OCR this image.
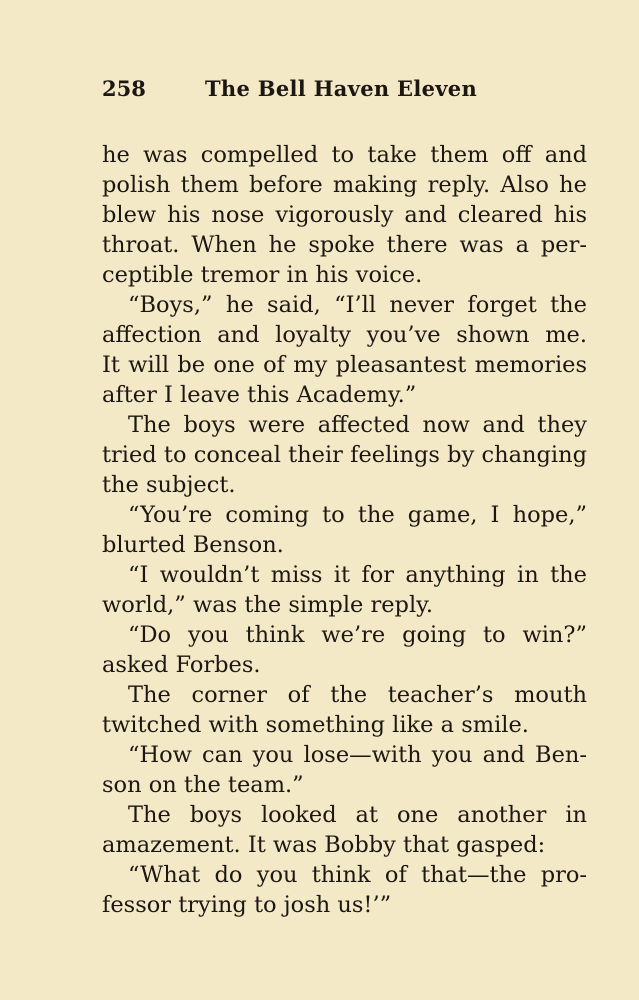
258	The Bell Haven Eleven
he was compelled to take them off and
polish them before making reply. Also he
blew his nose vigorously and cleared his
throat. When he spoke there was a per-
ceptible tremor in his voice.
“Boys,” he said, “I’ll never forget the
affection and loyalty you’ve shown me.
It will be one of my pleasantest memories
after I leave this Academy.”
The boys were affected now and they
tried to conceal their feelings by changing
the subject.
“You’re coming to the game, I hope,”
blurted Benson.
“I wouldn’t miss it for anything in the
world,” was the simple reply.
“Do you think we’re going to win?”
asked Forbes.
The corner of the teacher’s mouth
twitched with something like a smile.
“How can you lose—with you and Ben-
son on the team.”
The boys looked at one another in
amazement. It was Bobby that gasped:
“What do you think of that—the pro-
fessor trying to josh us!’”
